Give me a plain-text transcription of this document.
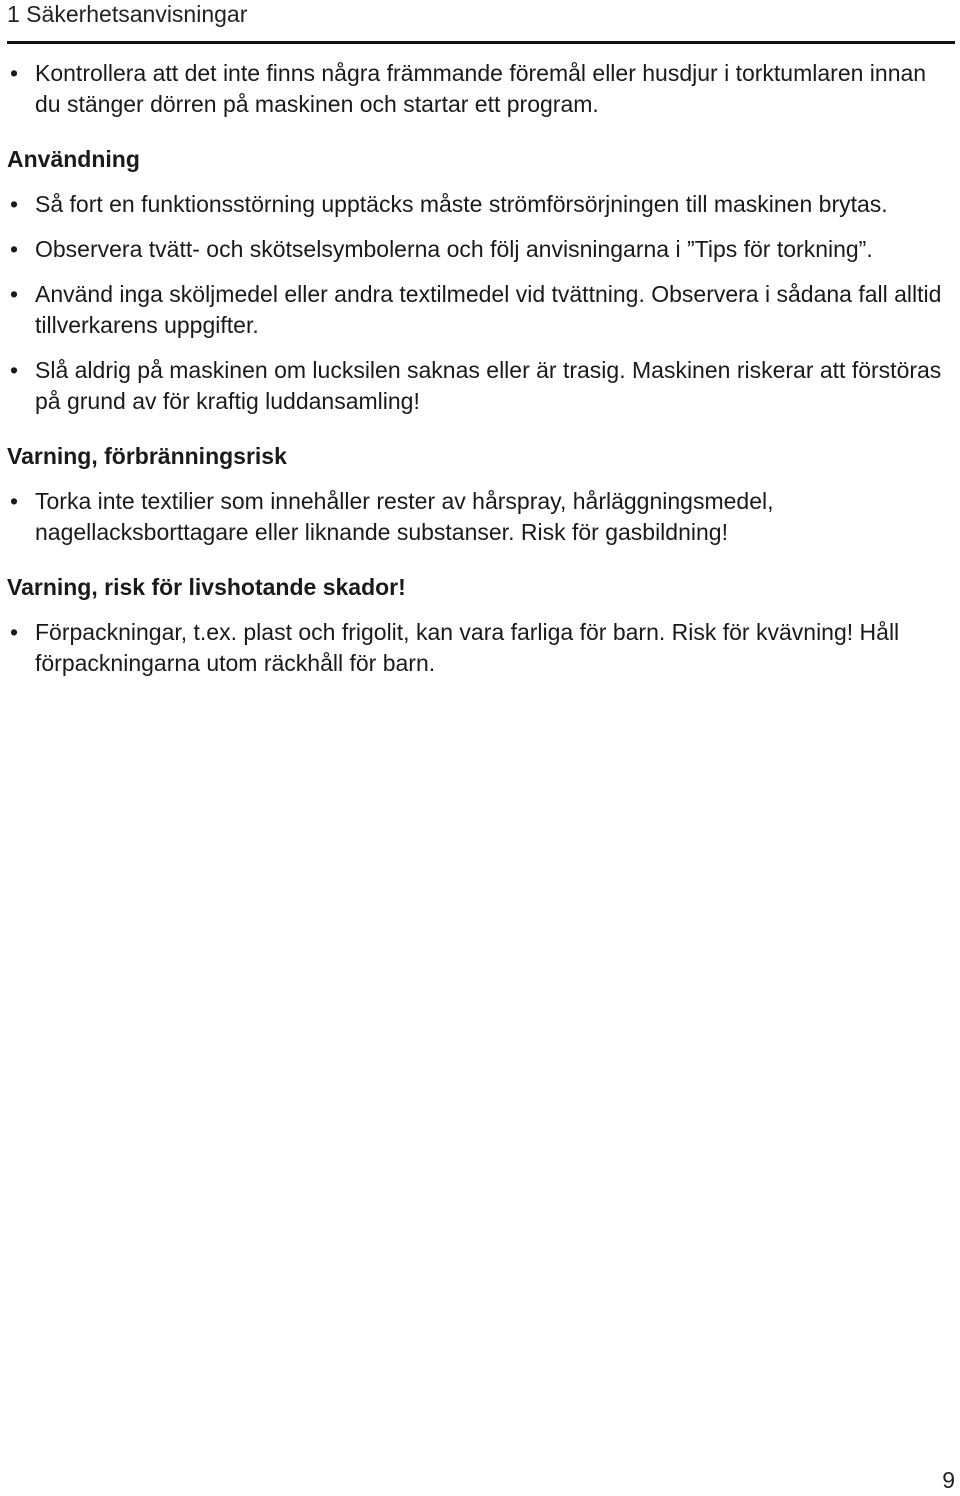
1 Säkerhetsanvisningar
• Kontrollera att det inte finns några främmande föremål eller husdjur i torktumlaren innan du stänger dörren på maskinen och startar ett program.
Användning
• Så fort en funktionsstörning upptäcks måste strömförsörjningen till maskinen brytas.
• Observera tvätt- och skötselsymbolerna och följ anvisningarna i ”Tips för torkning”.
• Använd inga sköljmedel eller andra textilmedel vid tvättning. Observera i sådana fall alltid tillverkarens uppgifter.
• Slå aldrig på maskinen om lucksilen saknas eller är trasig. Maskinen riskerar att förstöras på grund av för kraftig luddansamling!
Varning, förbränningsrisk
• Torka inte textilier som innehåller rester av hårspray, hårläggningsmedel, nagellacksborttagare eller liknande substanser. Risk för gasbildning!
Varning, risk för livshotande skador!
• Förpackningar, t.ex. plast och frigolit, kan vara farliga för barn. Risk för kvävning! Håll förpackningarna utom räckhåll för barn.
9
